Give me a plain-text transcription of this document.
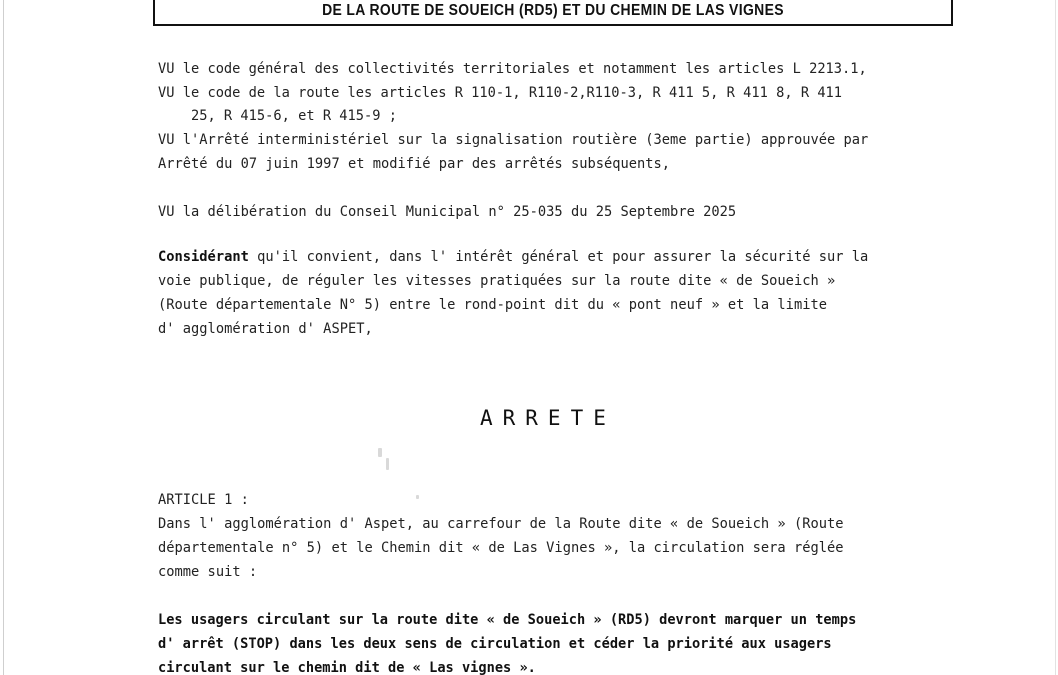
DE LA ROUTE DE SOUEICH (RD5) ET DU CHEMIN DE LAS VIGNES
VU le code général des collectivités territoriales et notamment les articles L 2213.1,
VU le code de la route les articles R 110-1, R110-2,R110-3, R 411 5, R 411 8, R 411
25, R 415-6, et R 415-9 ;
VU l'Arrêté interministériel sur la signalisation routière (3eme partie) approuvée par
Arrêté du 07 juin 1997 et modifié par des arrêtés subséquents,
VU la délibération du Conseil Municipal n° 25-035 du 25 Septembre 2025
Considérant qu'il convient, dans l' intérêt général et pour assurer la sécurité sur la
voie publique, de réguler les vitesses pratiquées sur la route dite « de Soueich »
(Route départementale N° 5) entre le rond-point dit du « pont neuf » et la limite
d' agglomération d' ASPET,
ARRETE
ARTICLE 1 :
Dans l' agglomération d' Aspet, au carrefour de la Route dite « de Soueich » (Route
départementale n° 5) et le Chemin dit « de Las Vignes », la circulation sera réglée
comme suit :
Les usagers circulant sur la route dite « de Soueich » (RD5) devront marquer un temps
d' arrêt (STOP) dans les deux sens de circulation et céder la priorité aux usagers
circulant sur le chemin dit de « Las vignes ».
